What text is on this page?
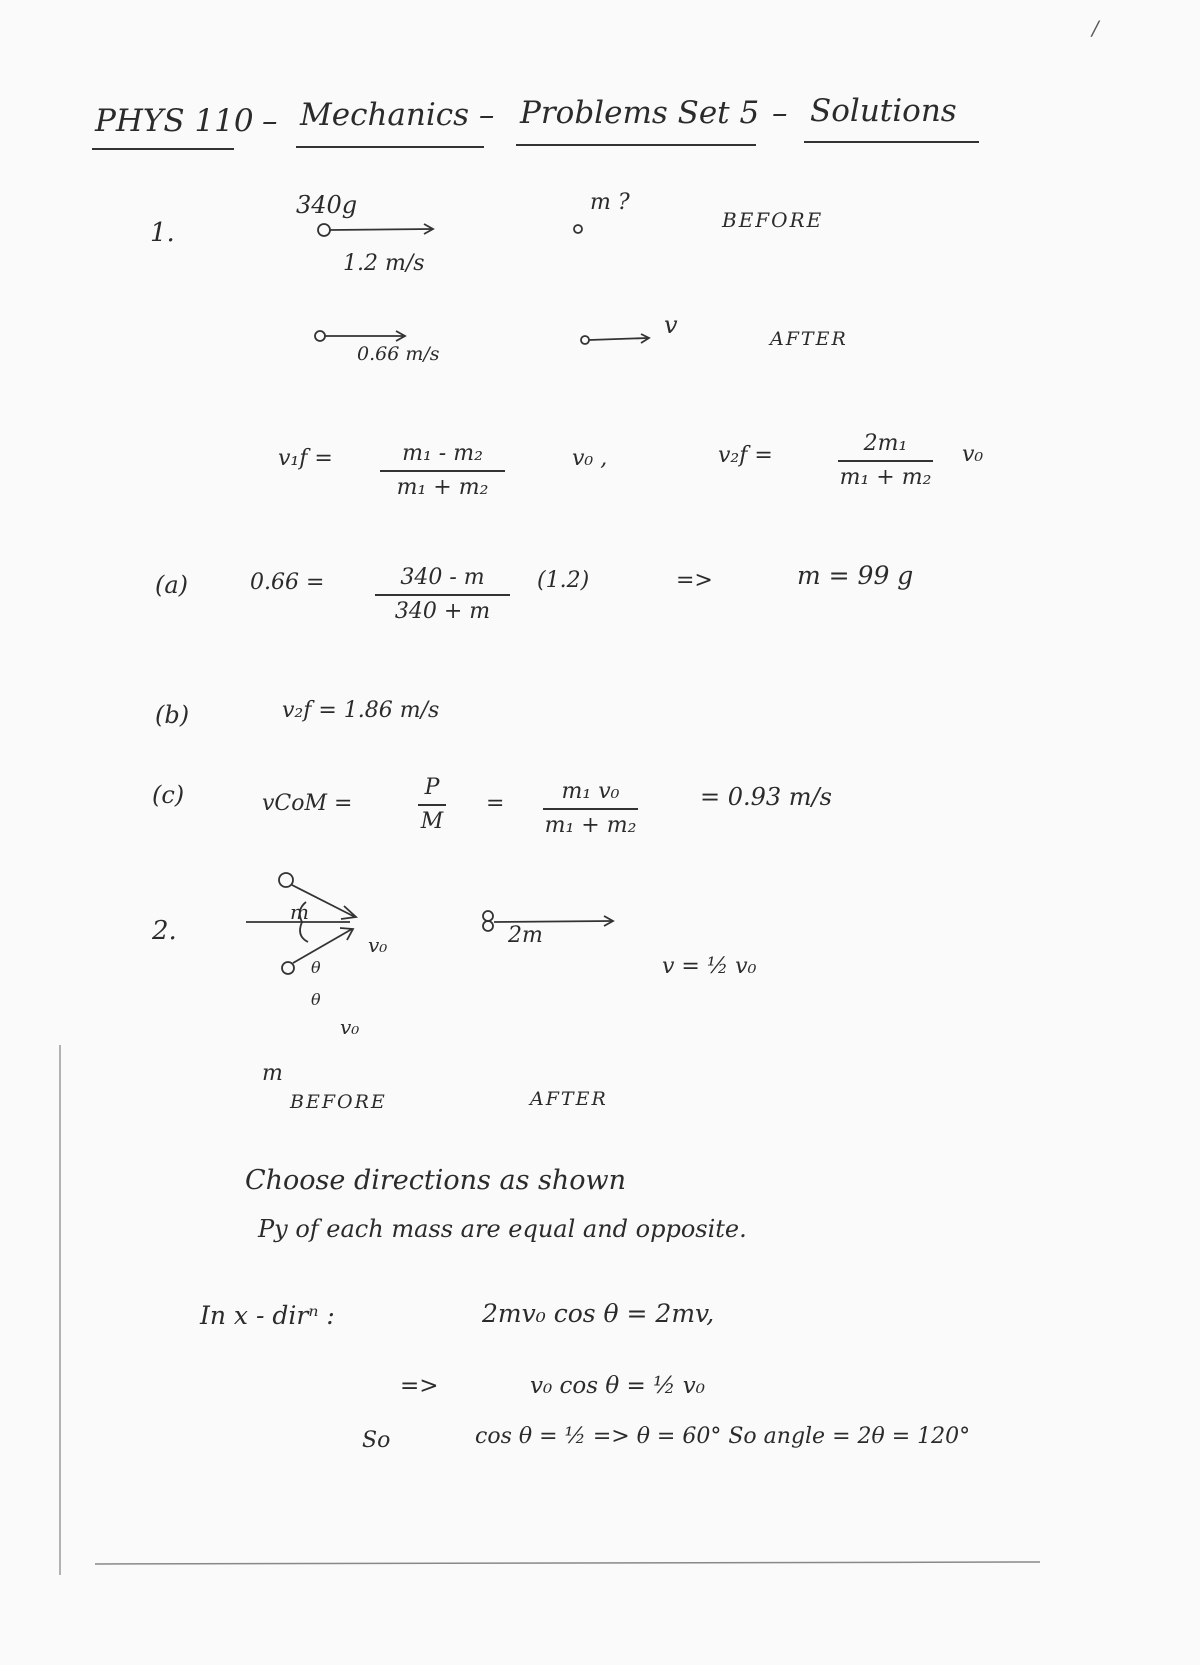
/
PHYS 110 – Mechanics – Problems Set 5 – Solutions
1.
340g
1.2 m/s
m ?
BEFORE
0.66 m/s
v	AFTER
v₁f =	m₁ - m₂
m₁ + m₂
v₀ ,	v₂f =	2m₁
m₁ + m₂
v₀
(a)	0.66 =	340 - m
340 + m
(1.2)	=>	m = 99 g
(b)	v₂f = 1.86 m/s
(c)	vCoM =
P
M
=	m₁ v₀
m₁ + m₂
= 0.93 m/s
2.
m
v₀
θ
θ
v₀
m
BEFORE
2m
v = ½ v₀
AFTER
Choose directions as shown
Py of each mass are equal and opposite.
In x - dirⁿ :	2mv₀ cos θ = 2mv,
=>	v₀ cos θ = ½ v₀
So	cos θ = ½ => θ = 60° So angle = 2θ = 120°
